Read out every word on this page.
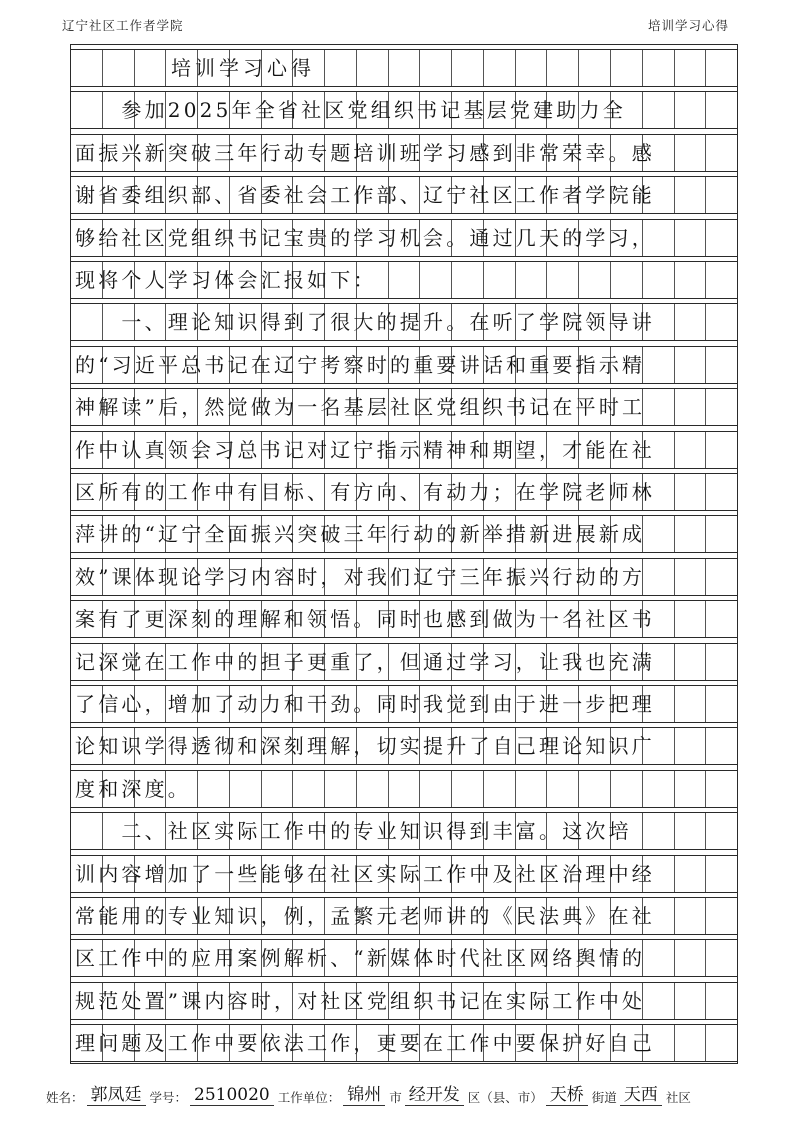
辽宁社区工作者学院	培训学习心得
　　　　培训学习心得
　　参加2025年全省社区党组织书记基层党建助力全
面振兴新突破三年行动专题培训班学习感到非常荣幸。感
谢省委组织部、省委社会工作部、辽宁社区工作者学院能
够给社区党组织书记宝贵的学习机会。通过几天的学习，
现将个人学习体会汇报如下：
　　一、理论知识得到了很大的提升。在听了学院领导讲
的“习近平总书记在辽宁考察时的重要讲话和重要指示精
神解读”后，然觉做为一名基层社区党组织书记在平时工
作中认真领会习总书记对辽宁指示精神和期望，才能在社
区所有的工作中有目标、有方向、有动力；在学院老师林
萍讲的“辽宁全面振兴突破三年行动的新举措新进展新成
效”课体现论学习内容时，对我们辽宁三年振兴行动的方
案有了更深刻的理解和领悟。同时也感到做为一名社区书
记深觉在工作中的担子更重了，但通过学习，让我也充满
了信心，增加了动力和干劲。同时我觉到由于进一步把理
论知识学得透彻和深刻理解，切实提升了自己理论知识广
度和深度。
　　二、社区实际工作中的专业知识得到丰富。这次培
训内容增加了一些能够在社区实际工作中及社区治理中经
常能用的专业知识，例，孟繁元老师讲的《民法典》在社
区工作中的应用案例解析、“新媒体时代社区网络舆情的
规范处置”课内容时，对社区党组织书记在实际工作中处
理问题及工作中要依法工作，更要在工作中要保护好自己
姓名： 郭凤廷 学号： 2510020 工作单位： 锦州 市 经开发 区（县、市） 天桥 街道 天西 社区
